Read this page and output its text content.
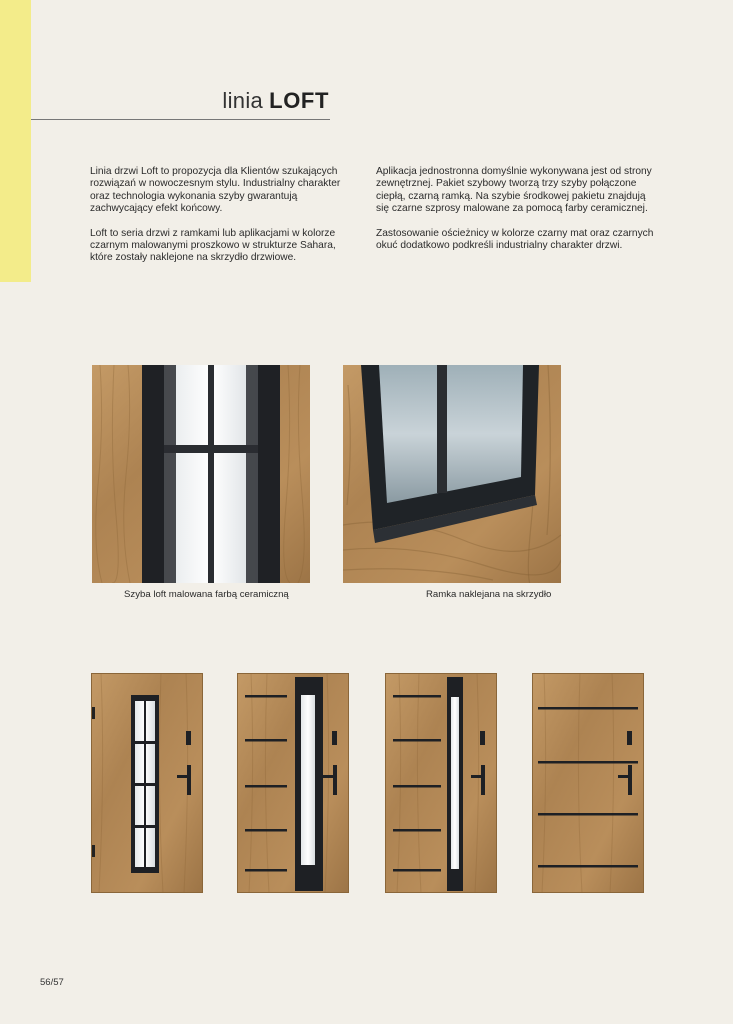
linia LOFT

Linia drzwi Loft to propozycja dla Klientów szukających rozwiązań w nowoczesnym stylu. Industrialny charakter oraz technologia wykonania szyby gwarantują zachwycający efekt końcowy.

Loft to seria drzwi z ramkami lub aplikacjami w kolorze czarnym malowanymi proszkowo w strukturze Sahara, które zostały naklejone na skrzydło drzwiowe.

Aplikacja jednostronna domyślnie wykonywana jest od strony zewnętrznej. Pakiet szybowy tworzą trzy szyby połączone ciepłą, czarną ramką. Na szybie środkowej pakietu znajdują się czarne szprosy malowane za pomocą farby ceramicznej.

Zastosowanie ościeżnicy w kolorze czarny mat oraz czarnych okuć dodatkowo podkreśli industrialny charakter drzwi.

Szyba loft malowana farbą ceramiczną	Ramka naklejana na skrzydło
56/57
